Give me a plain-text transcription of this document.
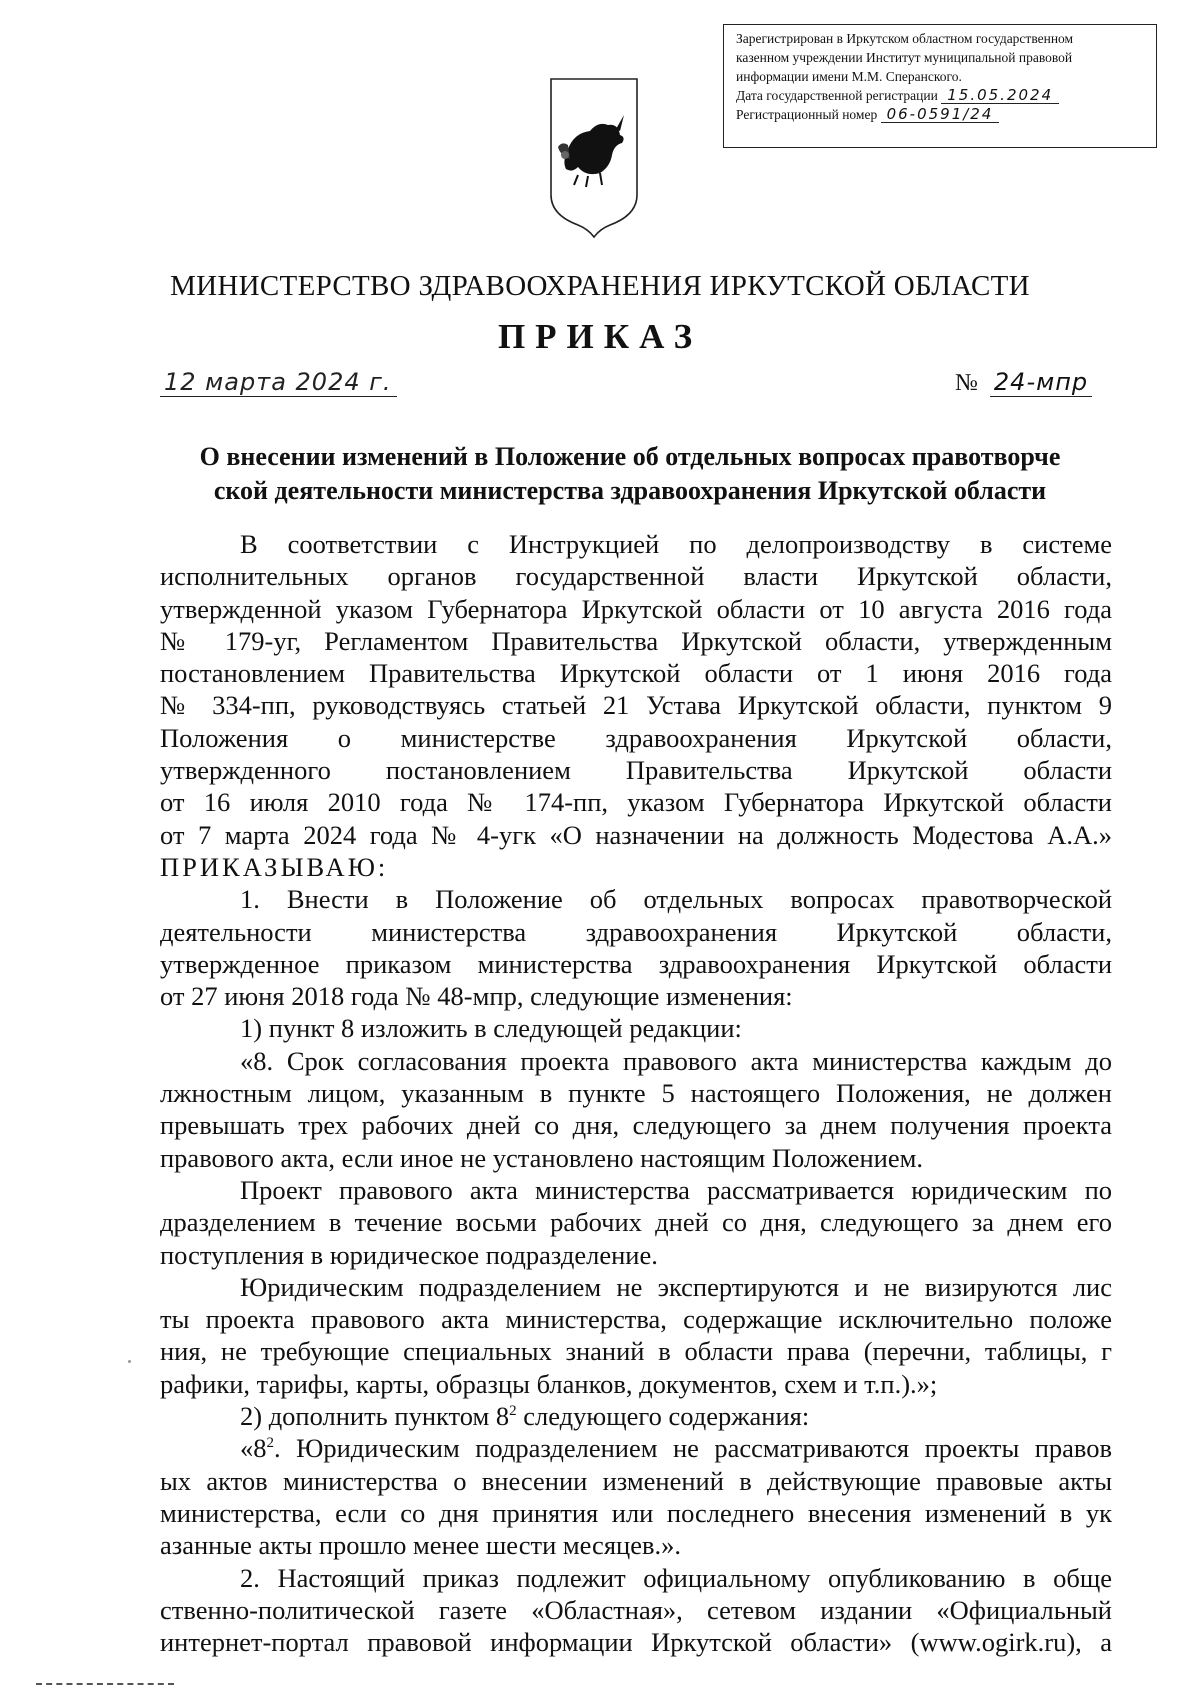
Зарегистрирован в Иркутском областном государственном
казенном учреждении Институт муниципальной правовой
информации имени М.М. Сперанского.
Дата государственной регистрации 15.05.2024
Регистрационный номер 06-0591/24
МИНИСТЕРСТВО ЗДРАВООХРАНЕНИЯ ИРКУТСКОЙ ОБЛАСТИ
ПРИКАЗ
12 марта 2024 г.	№ 24-мпр
О внесении изменений в Положение об отдельных вопросах правотворче
ской деятельности министерства здравоохранения Иркутской области
В соответствии с Инструкцией по делопроизводству в системе
исполнительных органов государственной власти Иркутской области,
утвержденной указом Губернатора Иркутской области от 10 августа 2016 года
№ 179-уг, Регламентом Правительства Иркутской области, утвержденным
постановлением Правительства Иркутской области от 1 июня 2016 года
№ 334-пп, руководствуясь статьей 21 Устава Иркутской области, пунктом 9
Положения о министерстве здравоохранения Иркутской области,
утвержденного постановлением Правительства Иркутской области
от 16 июля 2010 года № 174-пп, указом Губернатора Иркутской области
от 7 марта 2024 года № 4-угк «О назначении на должность Модестова А.А.»
ПРИКАЗЫВАЮ:
1. Внести в Положение об отдельных вопросах правотворческой
деятельности министерства здравоохранения Иркутской области,
утвержденное приказом министерства здравоохранения Иркутской области
от 27 июня 2018 года № 48-мпр, следующие изменения:
1) пункт 8 изложить в следующей редакции:
«8. Срок согласования проекта правового акта министерства каждым до
лжностным лицом, указанным в пункте 5 настоящего Положения, не должен
превышать трех рабочих дней со дня, следующего за днем получения проекта
правового акта, если иное не установлено настоящим Положением.
Проект правового акта министерства рассматривается юридическим по
дразделением в течение восьми рабочих дней со дня, следующего за днем его
поступления в юридическое подразделение.
Юридическим подразделением не экспертируются и не визируются лис
ты проекта правового акта министерства, содержащие исключительно положе
ния, не требующие специальных знаний в области права (перечни, таблицы, г
рафики, тарифы, карты, образцы бланков, документов, схем и т.п.).»;
2) дополнить пунктом $8^2$ следующего содержания:
«$8^2$. Юридическим подразделением не рассматриваются проекты правов
ых актов министерства о внесении изменений в действующие правовые акты
министерства, если со дня принятия или последнего внесения изменений в ук
азанные акты прошло менее шести месяцев.».
2. Настоящий приказ подлежит официальному опубликованию в обще
ственно-политической газете «Областная», сетевом издании «Официальный
интернет-портал правовой информации Иркутской области» (www.ogirk.ru), а
